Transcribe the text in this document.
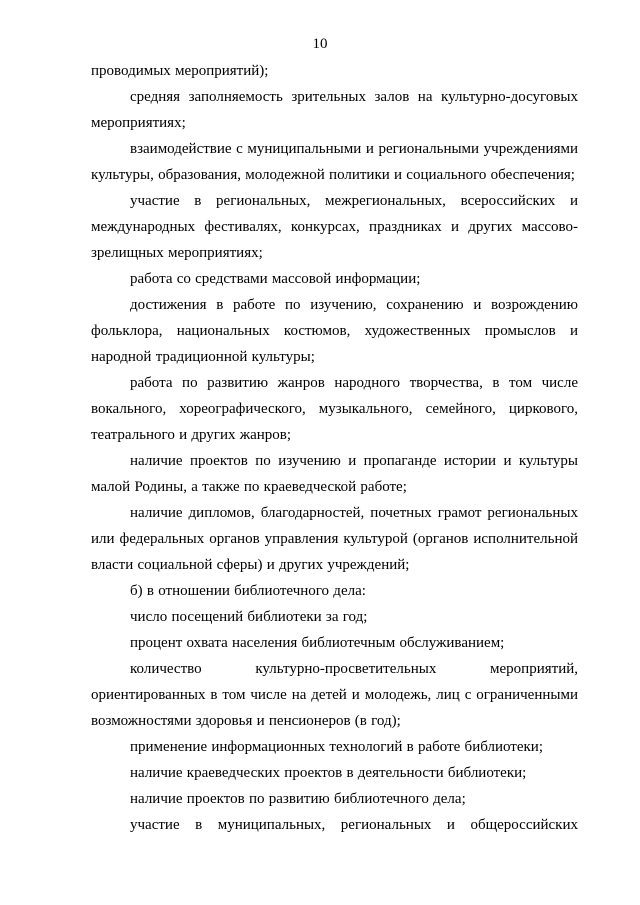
10

проводимых мероприятий);

средняя заполняемость зрительных залов на культурно-досуговых мероприятиях;

взаимодействие с муниципальными и региональными учреждениями культуры, образования, молодежной политики и социального обеспечения;

участие в региональных, межрегиональных, всероссийских и международных фестивалях, конкурсах, праздниках и других массово-зрелищных мероприятиях;

работа со средствами массовой информации;

достижения в работе по изучению, сохранению и возрождению фольклора, национальных костюмов, художественных промыслов и народной традиционной культуры;

работа по развитию жанров народного творчества, в том числе вокального, хореографического, музыкального, семейного, циркового, театрального и других жанров;

наличие проектов по изучению и пропаганде истории и культуры малой Родины, а также по краеведческой работе;

наличие дипломов, благодарностей, почетных грамот региональных или федеральных органов управления культурой (органов исполнительной власти социальной сферы) и других учреждений;

б) в отношении библиотечного дела:

число посещений библиотеки за год;

процент охвата населения библиотечным обслуживанием;

количество культурно-просветительных мероприятий, ориентированных в том числе на детей и молодежь, лиц с ограниченными возможностями здоровья и пенсионеров (в год);

применение информационных технологий в работе библиотеки;

наличие краеведческих проектов в деятельности библиотеки;

наличие проектов по развитию библиотечного дела;

участие в муниципальных, региональных и общероссийских
